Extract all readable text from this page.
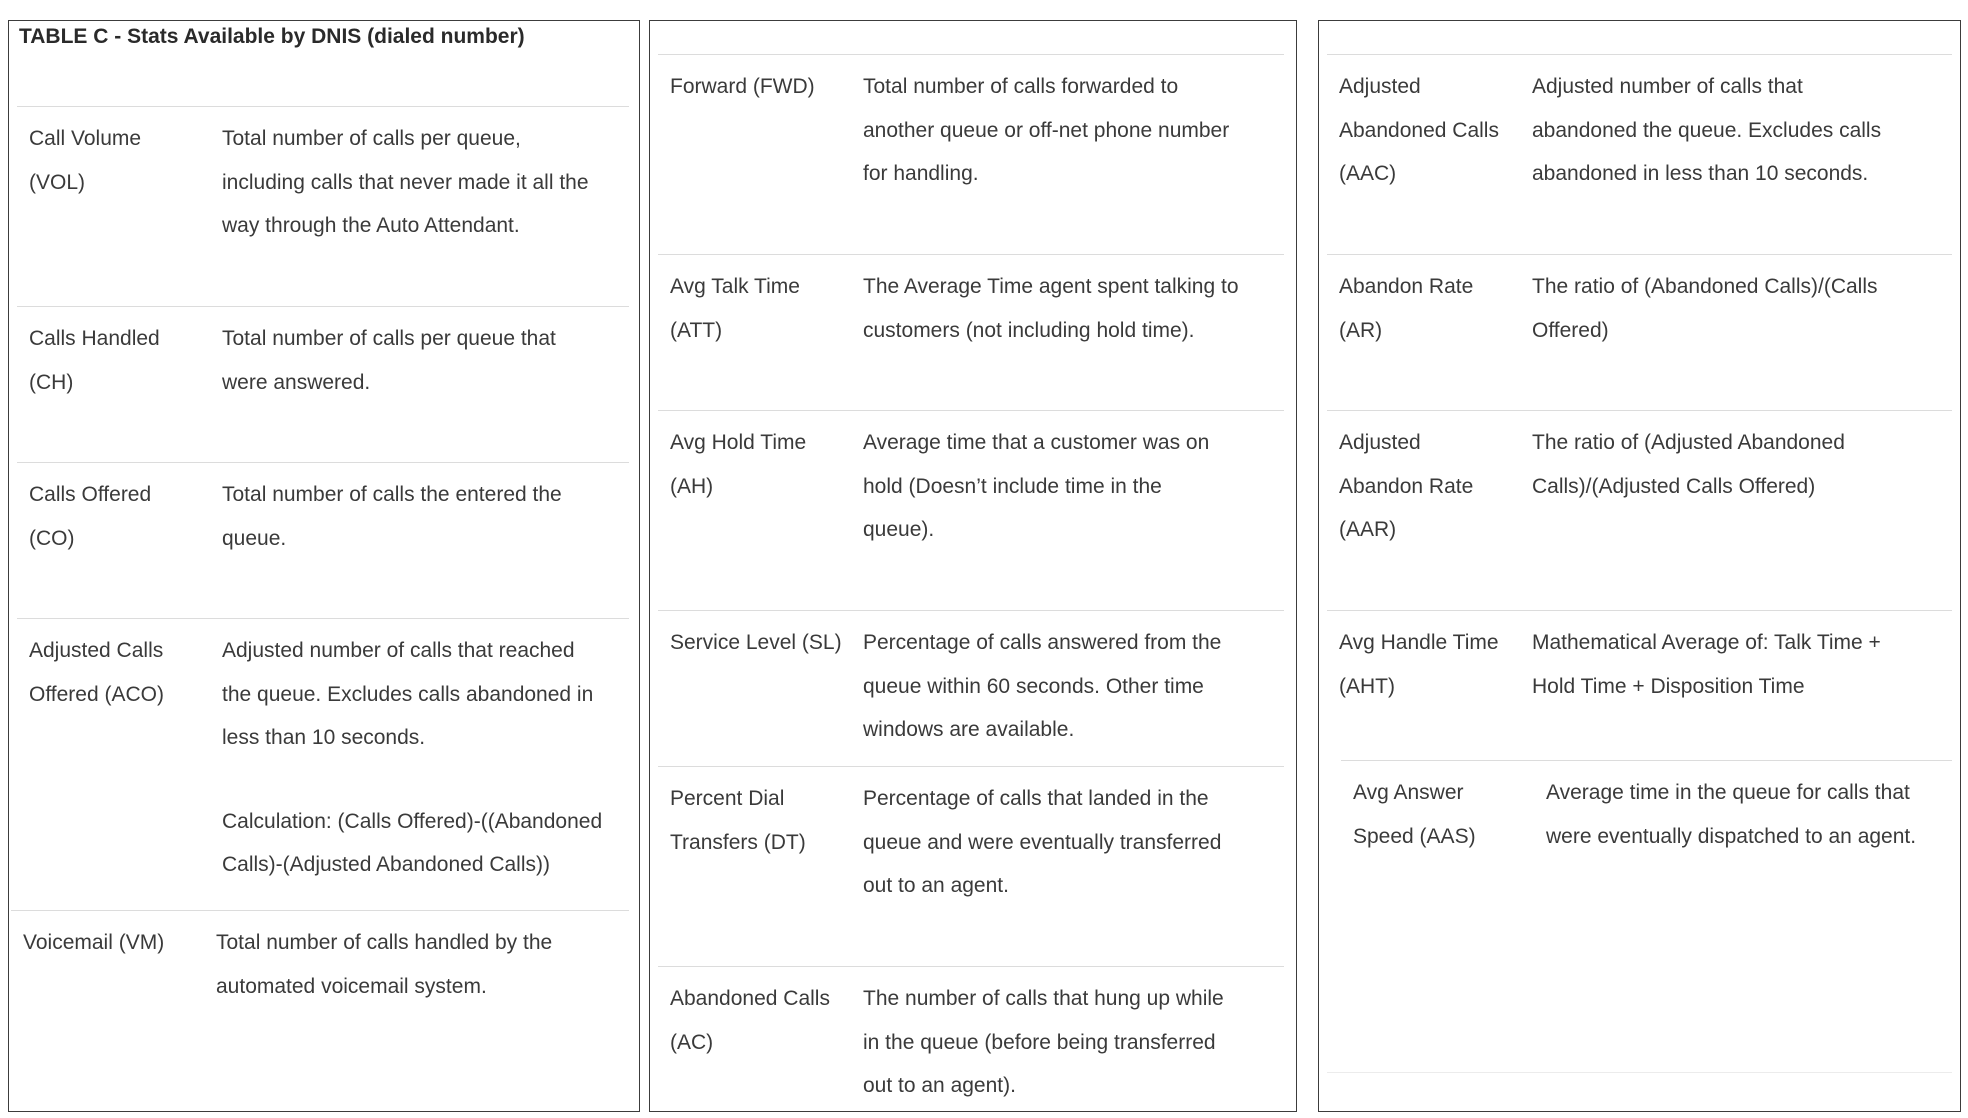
TABLE C - Stats Available by DNIS (dialed number)
Call Volume
(VOL)
Total number of calls per queue,
including calls that never made it all the
way through the Auto Attendant.
Calls Handled
(CH)
Total number of calls per queue that
were answered.
Calls Offered
(CO)
Total number of calls the entered the
queue.
Adjusted Calls
Offered (ACO)
Adjusted number of calls that reached
the queue. Excludes calls abandoned in
less than 10 seconds.
Calculation: (Calls Offered)-((Abandoned
Calls)-(Adjusted Abandoned Calls))
Voicemail (VM) Total number of calls handled by the
automated voicemail system.
Forward (FWD) Total number of calls forwarded to
another queue or off-net phone number
for handling.
Avg Talk Time
(ATT)
The Average Time agent spent talking to
customers (not including hold time).
Avg Hold Time
(AH)
Average time that a customer was on
hold (Doesn’t include time in the
queue).
Service Level (SL) Percentage of calls answered from the
queue within 60 seconds. Other time
windows are available.
Percent Dial
Transfers (DT)
Percentage of calls that landed in the
queue and were eventually transferred
out to an agent.
Abandoned Calls
(AC)
The number of calls that hung up while
in the queue (before being transferred
out to an agent).
Adjusted
Abandoned Calls
(AAC)
Adjusted number of calls that
abandoned the queue. Excludes calls
abandoned in less than 10 seconds.
Abandon Rate
(AR)
The ratio of (Abandoned Calls)/(Calls
Offered)
Adjusted
Abandon Rate
(AAR)
The ratio of (Adjusted Abandoned
Calls)/(Adjusted Calls Offered)
Avg Handle Time
(AHT)
Mathematical Average of: Talk Time +
Hold Time + Disposition Time
Avg Answer
Speed (AAS)
Average time in the queue for calls that
were eventually dispatched to an agent.
